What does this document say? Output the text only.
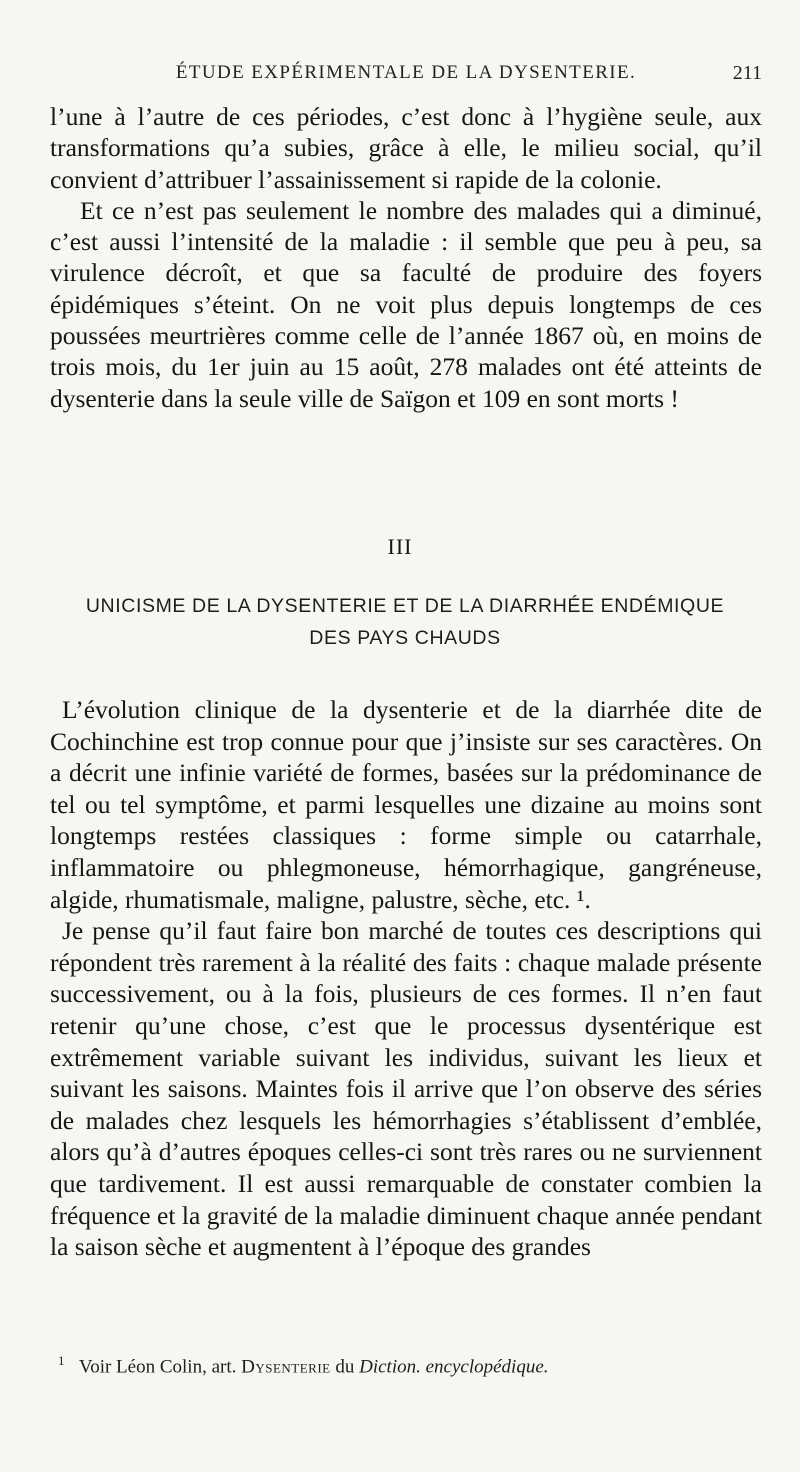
ÉTUDE EXPÉRIMENTALE DE LA DYSENTERIE.	211

l’une à l’autre de ces périodes, c’est donc à l’hygiène seule, aux transformations qu’a subies, grâce à elle, le milieu social, qu’il convient d’attribuer l’assainissement si rapide de la colonie.

Et ce n’est pas seulement le nombre des malades qui a diminué, c’est aussi l’intensité de la maladie : il semble que peu à peu, sa virulence décroît, et que sa faculté de produire des foyers épidémiques s’éteint. On ne voit plus depuis longtemps de ces poussées meurtrières comme celle de l’année 1867 où, en moins de trois mois, du 1er juin au 15 août, 278 malades ont été atteints de dysenterie dans la seule ville de Saïgon et 109 en sont morts !

III
UNICISME DE LA DYSENTERIE ET DE LA DIARRHÉE ENDÉMIQUE DES PAYS CHAUDS

L’évolution clinique de la dysenterie et de la diarrhée dite de Cochinchine est trop connue pour que j’insiste sur ses caractères. On a décrit une infinie variété de formes, basées sur la prédominance de tel ou tel symptôme, et parmi lesquelles une dizaine au moins sont longtemps restées classiques : forme simple ou catarrhale, inflammatoire ou phlegmoneuse, hémorrhagique, gangréneuse, algide, rhumatismale, maligne, palustre, sèche, etc. ¹.

Je pense qu’il faut faire bon marché de toutes ces descriptions qui répondent très rarement à la réalité des faits : chaque malade présente successivement, ou à la fois, plusieurs de ces formes. Il n’en faut retenir qu’une chose, c’est que le processus dysentérique est extrêmement variable suivant les individus, suivant les lieux et suivant les saisons. Maintes fois il arrive que l’on observe des séries de malades chez lesquels les hémorrhagies s’établissent d’emblée, alors qu’à d’autres époques celles-ci sont très rares ou ne surviennent que tardivement. Il est aussi remarquable de constater combien la fréquence et la gravité de la maladie diminuent chaque année pendant la saison sèche et augmentent à l’époque des grandes

$^1$ Voir Léon Colin, art. Dysenterie du Diction. encyclopédique.
